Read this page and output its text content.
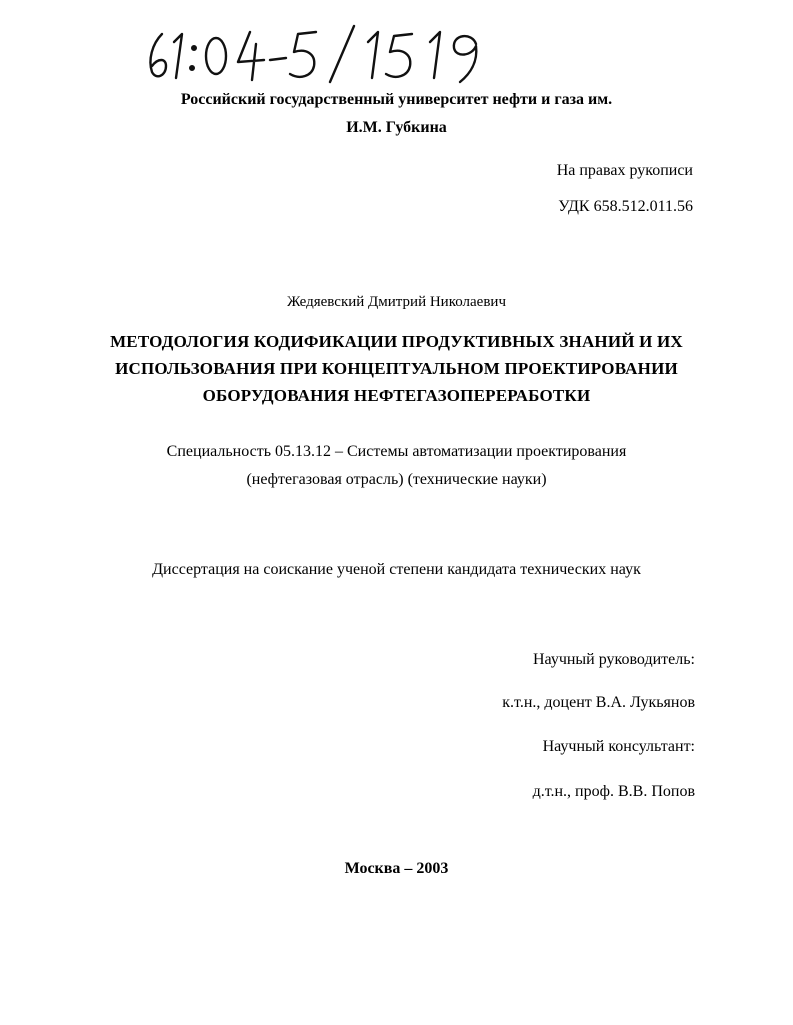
Российский государственный университет нефти и газа им.
И.М. Губкина
На правах рукописи
УДК 658.512.011.56
Жедяевский Дмитрий Николаевич
МЕТОДОЛОГИЯ КОДИФИКАЦИИ ПРОДУКТИВНЫХ ЗНАНИЙ И ИХ
ИСПОЛЬЗОВАНИЯ ПРИ КОНЦЕПТУАЛЬНОМ ПРОЕКТИРОВАНИИ
ОБОРУДОВАНИЯ НЕФТЕГАЗОПЕРЕРАБОТКИ
Специальность 05.13.12 – Системы автоматизации проектирования
(нефтегазовая отрасль) (технические науки)
Диссертация на соискание ученой степени кандидата технических наук
Научный руководитель:
к.т.н., доцент В.А. Лукьянов
Научный консультант:
д.т.н., проф. В.В. Попов
Москва – 2003
